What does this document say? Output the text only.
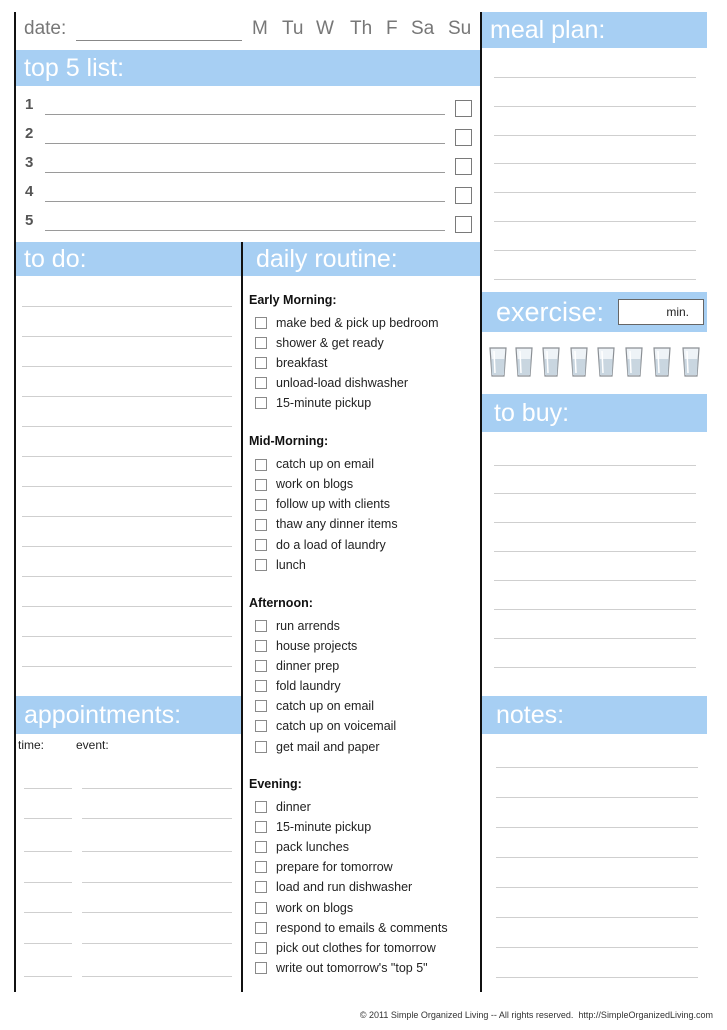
date:	M Tu W Th F Sa Su
top 5 list:
1
2
3
4
5
to do:
appointments:
time:	event:
daily routine:
Early Morning:
make bed & pick up bedroom
shower & get ready
breakfast
unload-load dishwasher
15-minute pickup
Mid-Morning:
catch up on email
work on blogs
follow up with clients
thaw any dinner items
do a load of laundry
lunch
Afternoon:
run arrends
house projects
dinner prep
fold laundry
catch up on email
catch up on voicemail
get mail and paper
Evening:
dinner
15-minute pickup
pack lunches
prepare for tomorrow
load and run dishwasher
work on blogs
respond to emails & comments
pick out clothes for tomorrow
write out tomorrow's "top 5"
meal plan:
exercise:	min.
to buy:
notes:
© 2011 Simple Organized Living -- All rights reserved.  http://SimpleOrganizedLiving.com
